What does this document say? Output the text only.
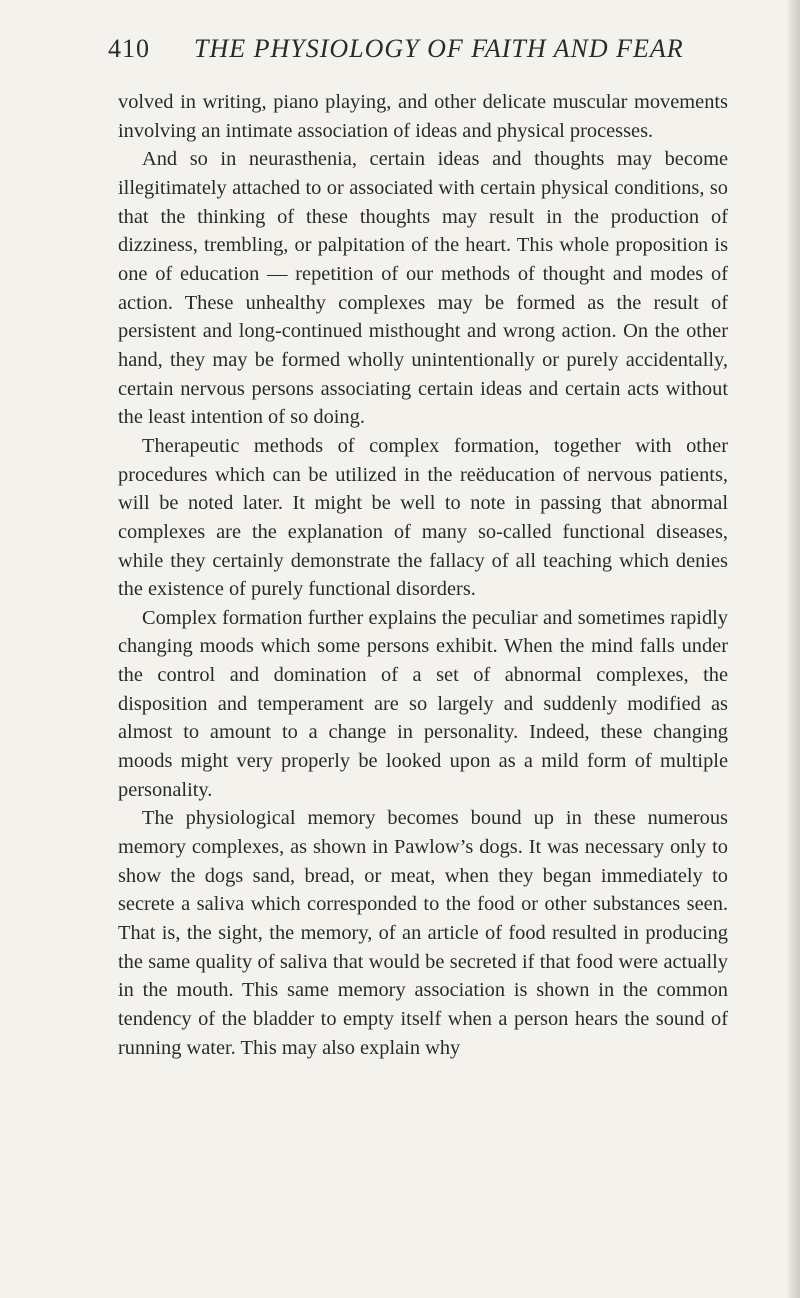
410 THE PHYSIOLOGY OF FAITH AND FEAR

volved in writing, piano playing, and other delicate muscular movements involving an intimate association of ideas and physical processes.

And so in neurasthenia, certain ideas and thoughts may become illegitimately attached to or associated with certain physical conditions, so that the thinking of these thoughts may result in the production of dizziness, trembling, or palpitation of the heart. This whole proposition is one of education — repetition of our methods of thought and modes of action. These unhealthy complexes may be formed as the result of persistent and long-continued misthought and wrong action. On the other hand, they may be formed wholly unintentionally or purely accidentally, certain nervous persons associating certain ideas and certain acts without the least intention of so doing.

Therapeutic methods of complex formation, together with other procedures which can be utilized in the reëducation of nervous patients, will be noted later. It might be well to note in passing that abnormal complexes are the explanation of many so-called functional diseases, while they certainly demonstrate the fallacy of all teaching which denies the existence of purely functional disorders.

Complex formation further explains the peculiar and sometimes rapidly changing moods which some persons exhibit. When the mind falls under the control and domination of a set of abnormal complexes, the disposition and temperament are so largely and suddenly modified as almost to amount to a change in personality. Indeed, these changing moods might very properly be looked upon as a mild form of multiple personality.

The physiological memory becomes bound up in these numerous memory complexes, as shown in Pawlow’s dogs. It was necessary only to show the dogs sand, bread, or meat, when they began immediately to secrete a saliva which corresponded to the food or other substances seen. That is, the sight, the memory, of an article of food resulted in producing the same quality of saliva that would be secreted if that food were actually in the mouth. This same memory association is shown in the common tendency of the bladder to empty itself when a person hears the sound of running water. This may also explain why
